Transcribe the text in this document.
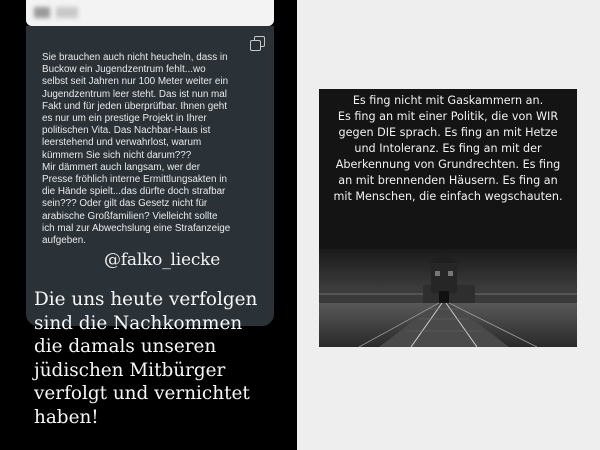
Sie brauchen auch nicht heucheln, dass in
Buckow ein Jugendzentrum fehlt...wo
selbst seit Jahren nur 100 Meter weiter ein
Jugendzentrum leer steht. Das ist nun mal
Fakt und für jeden überprüfbar. Ihnen geht
es nur um ein prestige Projekt in Ihrer
politischen Vita. Das Nachbar-Haus ist
leerstehend und verwahrlost, warum
kümmern Sie sich nicht darum???
Mir dämmert auch langsam, wer der
Presse fröhlich interne Ermittlungsakten in
die Hände spielt...das dürfte doch strafbar
sein??? Oder gilt das Gesetz nicht für
arabische Großfamilien? Vielleicht sollte
ich mal zur Abwechslung eine Strafanzeige
aufgeben.
@falko_liecke
Die uns heute verfolgen
sind die Nachkommen
die damals unseren
jüdischen Mitbürger
verfolgt und vernichtet
haben!
Es fing nicht mit Gaskammern an.
Es fing an mit einer Politik, die von WIR
gegen DIE sprach. Es fing an mit Hetze
und Intoleranz. Es fing an mit der
Aberkennung von Grundrechten. Es fing
an mit brennenden Häusern. Es fing an
mit Menschen, die einfach wegschauten.
